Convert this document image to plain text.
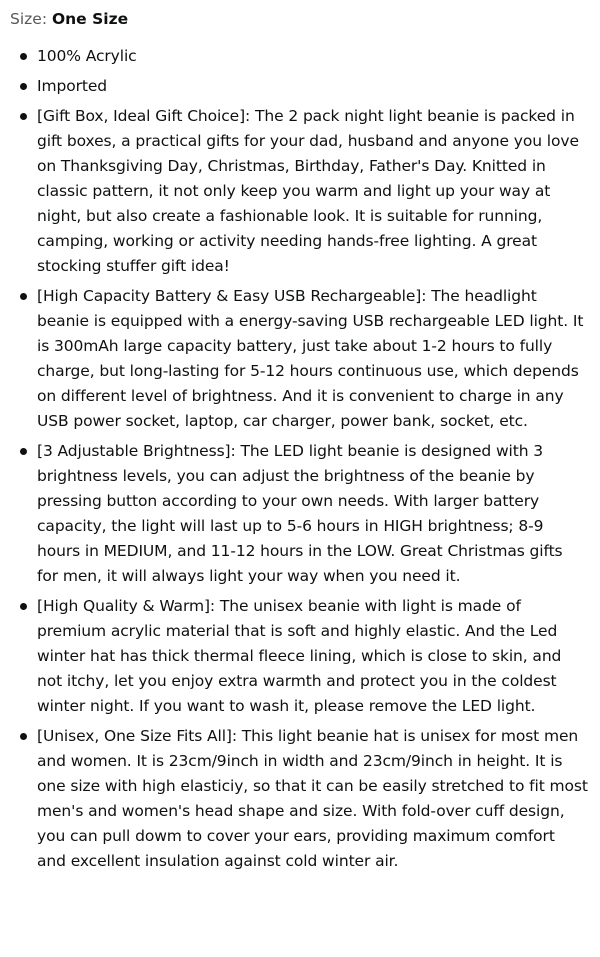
Size: One Size
100% Acrylic
Imported
[Gift Box, Ideal Gift Choice]: The 2 pack night light beanie is packed in gift boxes, a practical gifts for your dad, husband and anyone you love on Thanksgiving Day, Christmas, Birthday, Father's Day. Knitted in classic pattern, it not only keep you warm and light up your way at night, but also create a fashionable look. It is suitable for running, camping, working or activity needing hands-free lighting. A great stocking stuffer gift idea!
[High Capacity Battery & Easy USB Rechargeable]: The headlight beanie is equipped with a energy-saving USB rechargeable LED light. It is 300mAh large capacity battery, just take about 1-2 hours to fully charge, but long-lasting for 5-12 hours continuous use, which depends on different level of brightness. And it is convenient to charge in any USB power socket, laptop, car charger, power bank, socket, etc.
[3 Adjustable Brightness]: The LED light beanie is designed with 3 brightness levels, you can adjust the brightness of the beanie by pressing button according to your own needs. With larger battery capacity, the light will last up to 5-6 hours in HIGH brightness; 8-9 hours in MEDIUM, and 11-12 hours in the LOW. Great Christmas gifts for men, it will always light your way when you need it.
[High Quality & Warm]: The unisex beanie with light is made of premium acrylic material that is soft and highly elastic. And the Led winter hat has thick thermal fleece lining, which is close to skin, and not itchy, let you enjoy extra warmth and protect you in the coldest winter night. If you want to wash it, please remove the LED light.
[Unisex, One Size Fits All]: This light beanie hat is unisex for most men and women. It is 23cm/9inch in width and 23cm/9inch in height. It is one size with high elasticiy, so that it can be easily stretched to fit most men's and women's head shape and size. With fold-over cuff design, you can pull dowm to cover your ears, providing maximum comfort and excellent insulation against cold winter air.
